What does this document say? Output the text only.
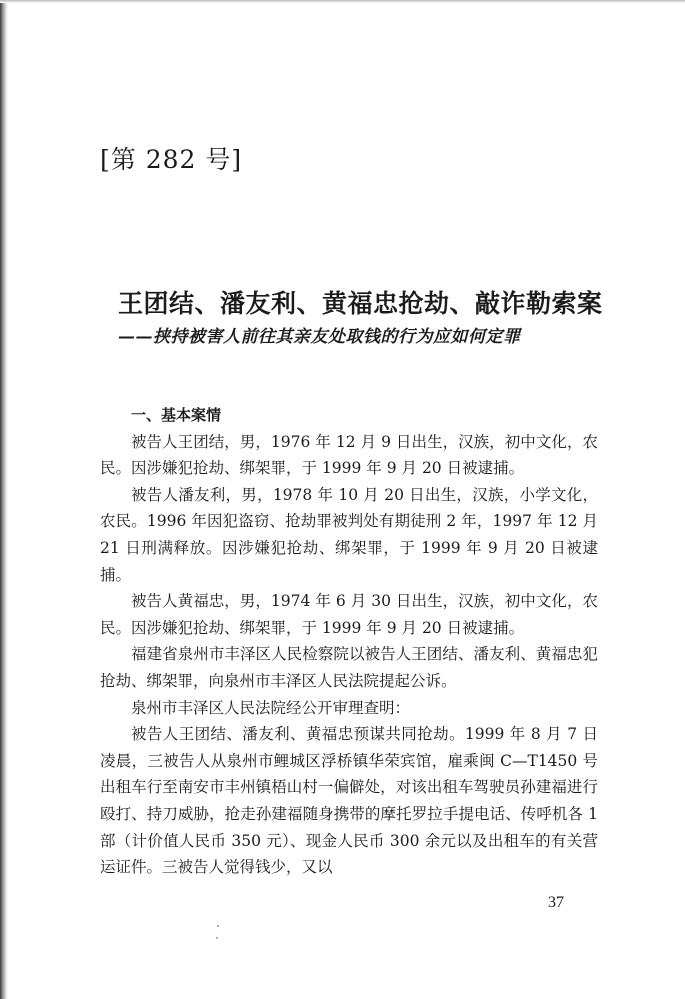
[第 282 号]
王团结、潘友利、黄福忠抢劫、敲诈勒索案
——挟持被害人前往其亲友处取钱的行为应如何定罪
一、基本案情

被告人王团结，男，1976 年 12 月 9 日出生，汉族，初中文化，农民。因涉嫌犯抢劫、绑架罪，于 1999 年 9 月 20 日被逮捕。

被告人潘友利，男，1978 年 10 月 20 日出生，汉族，小学文化，农民。1996 年因犯盗窃、抢劫罪被判处有期徒刑 2 年，1997 年 12 月 21 日刑满释放。因涉嫌犯抢劫、绑架罪，于 1999 年 9 月 20 日被逮捕。

被告人黄福忠，男，1974 年 6 月 30 日出生，汉族，初中文化，农民。因涉嫌犯抢劫、绑架罪，于 1999 年 9 月 20 日被逮捕。

福建省泉州市丰泽区人民检察院以被告人王团结、潘友利、黄福忠犯抢劫、绑架罪，向泉州市丰泽区人民法院提起公诉。

泉州市丰泽区人民法院经公开审理查明：

被告人王团结、潘友利、黄福忠预谋共同抢劫。1999 年 8 月 7 日凌晨，三被告人从泉州市鲤城区浮桥镇华荣宾馆，雇乘闽 C—T1450 号出租车行至南安市丰州镇梧山村一偏僻处，对该出租车驾驶员孙建福进行殴打、持刀威胁，抢走孙建福随身携带的摩托罗拉手提电话、传呼机各 1 部（计价值人民币 350 元）、现金人民币 300 余元以及出租车的有关营运证件。三被告人觉得钱少，又以

37
